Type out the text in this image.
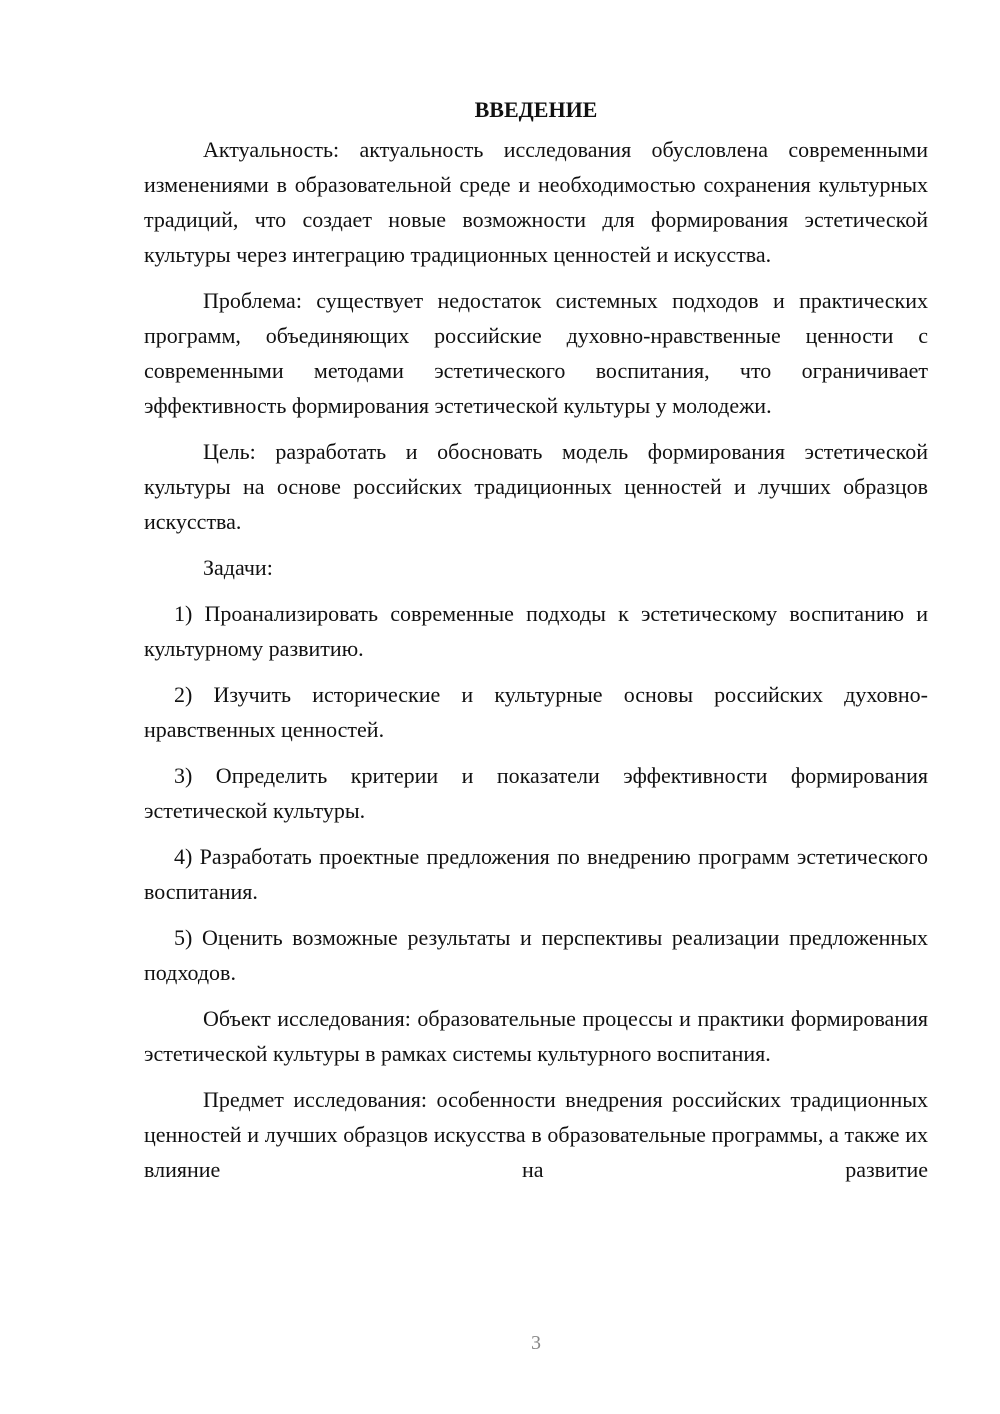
ВВЕДЕНИЕ

Актуальность: актуальность исследования обусловлена современными изменениями в образовательной среде и необходимостью сохранения культурных традиций, что создает новые возможности для формирования эстетической культуры через интеграцию традиционных ценностей и искусства.

Проблема: существует недостаток системных подходов и практических программ, объединяющих российские духовно-нравственные ценности с современными методами эстетического воспитания, что ограничивает эффективность формирования эстетической культуры у молодежи.

Цель: разработать и обосновать модель формирования эстетической культуры на основе российских традиционных ценностей и лучших образцов искусства.

Задачи:

1) Проанализировать современные подходы к эстетическому воспитанию и культурному развитию.

2) Изучить исторические и культурные основы российских духовно-нравственных ценностей.

3) Определить критерии и показатели эффективности формирования эстетической культуры.

4) Разработать проектные предложения по внедрению программ эстетического воспитания.

5) Оценить возможные результаты и перспективы реализации предложенных подходов.

Объект исследования: образовательные процессы и практики формирования эстетической культуры в рамках системы культурного воспитания.

Предмет исследования: особенности внедрения российских традиционных ценностей и лучших образцов искусства в образовательные программы, а также их влияние на развитие

3
